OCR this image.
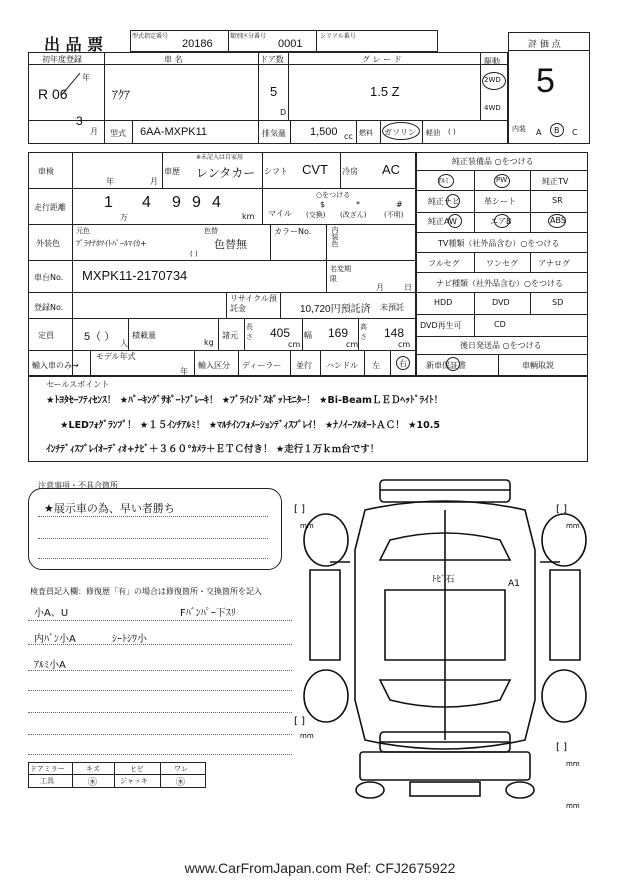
出 品 票	型式指定番号
20186
類別区分番号
0001
シリアル番号
評 価 点
5
初年度登録
R 06
年
3
月
車 名
ｱｸｱ
ドア数
5
D
グ レ ー ド
1.5 Z
駆動
2WD
4WD
型式 6AA-MXPK11	排気量 1,500 cc 燃料 ガソリン 軽油 ( )	内装 A B C
車検
年	月
車歴
※未記入は自家用
レンタカー シフト CVT 冷房 AC
走行距離 1
万
4 9 9 4
km
○をつける
マイル
$
(交換)
*
(改ざん)
#
(不明)
外装色
元色
ﾌﾟﾗﾁﾅﾎﾜｲﾄﾊﾟｰﾙﾏｲｶ+
色替
色替無
( )
カラーNo.	内装色
車台No. MXPK11-2170734	名変期限
月	日
登録No.
リサイクル預託金	10,720円預託済 未預託
定員	5（ ）
人
積載量
kg
諸元
長さ 405
cm
幅 169
cm
高さ 148
cm
輸入車のみ→
モデル年式
年
輸入区分 ディーラー 並行 ハンドル 左 右
純正装備品 ○をつける
ｱﾙﾐ	PW	純正TV
純正ナビ	革シート	SR
純正AW	エアB	ABS
TV種類（社外品含む）○をつける
フルセグ	ワンセグ	アナログ
ナビ種類（社外品含む）○をつける
HDD	DVD	SD
DVD再生可	CD
後日発送品 ○をつける
新車保証書	車輌取説
セールスポイント
★ﾄﾖﾀｾｰﾌﾃｨｾﾝｽ！ ★ﾊﾟｰｷﾝｸﾞｻﾎﾟｰﾄﾌﾞﾚｰｷ！ ★ﾌﾞﾗｲﾝﾄﾞｽﾎﾟｯﾄﾓﾆﾀｰ！ ★Bi-BeamＬＥＤﾍｯﾄﾞﾗｲﾄ！
★LEDﾌｫｸﾞﾗﾝﾌﾟ！ ★１５ｲﾝﾁｱﾙﾐ！ ★ﾏﾙﾁｲﾝﾌｫﾒｰｼｮﾝﾃﾞｨｽﾌﾟﾚｲ！ ★ﾅﾉｲｰﾌﾙｵｰﾄＡＣ！ ★10.5
ｲﾝﾁﾃﾞｨｽﾌﾟﾚｲｵｰﾃﾞｨｵ+ﾅﾋﾞ＋３６０°ｶﾒﾗ＋ＥＴＣ付き！ ★走行１万ｋｍ台です！
注意事項・不具合箇所
★展示車の為、早い者勝ち
検査員記入欄：修復歴「有」の場合は修復箇所・交換箇所を記入
小A、U	Fﾊﾞﾝﾊﾟｰ下ｽﾘ
内ﾊﾞﾝ小A	ｼｰﾄｼﾜ小
ｱﾙﾐ小A
ドアミラー	キズ	ヒビ	ワレ
工具	㊍	ジャッキ	㊍
ﾄﾋﾞ石	A1
[ ]
mm
[ ]
mm
[ ]
mm
[ ]
mm
mm
www.CarFromJapan.com Ref: CFJ2675922
